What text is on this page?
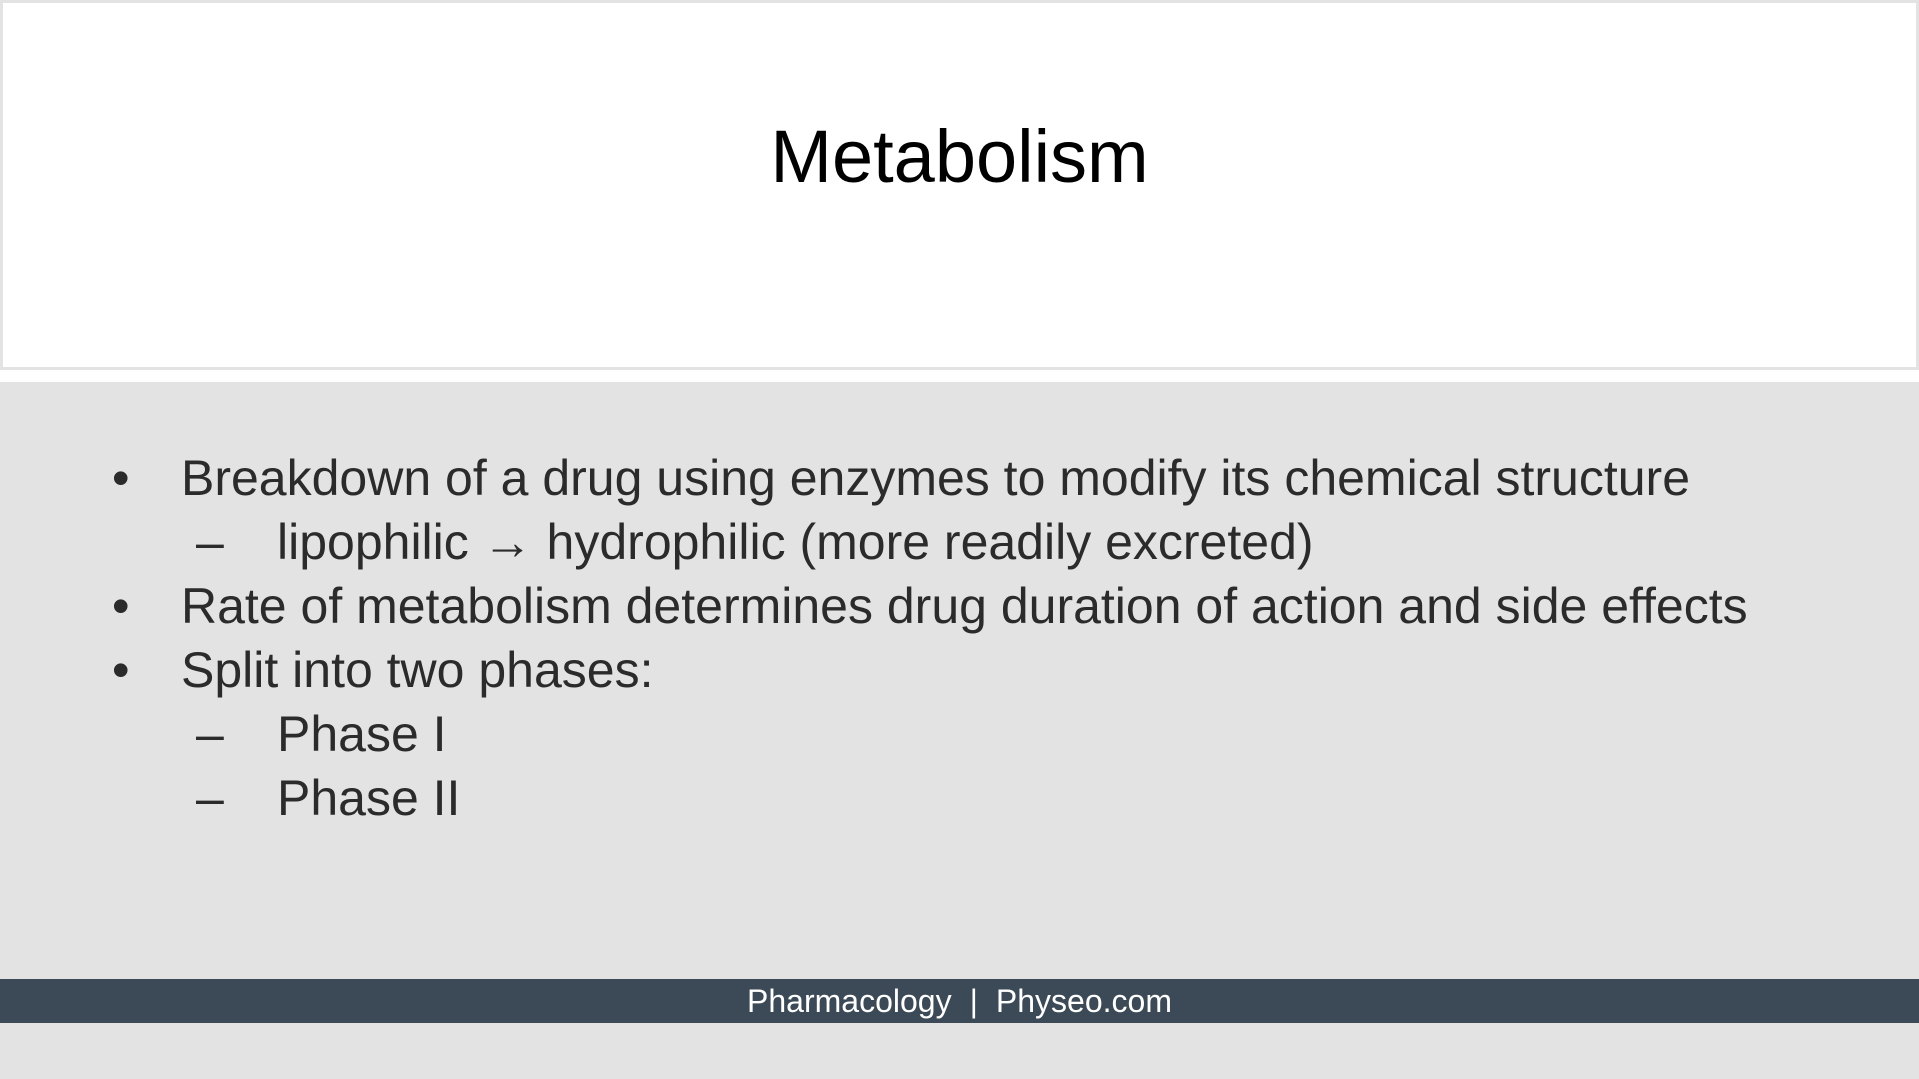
Metabolism
• Breakdown of a drug using enzymes to modify its chemical structure
– lipophilic → hydrophilic (more readily excreted)
• Rate of metabolism determines drug duration of action and side effects
• Split into two phases:
– Phase I
– Phase II
Pharmacology | Physeo.com
